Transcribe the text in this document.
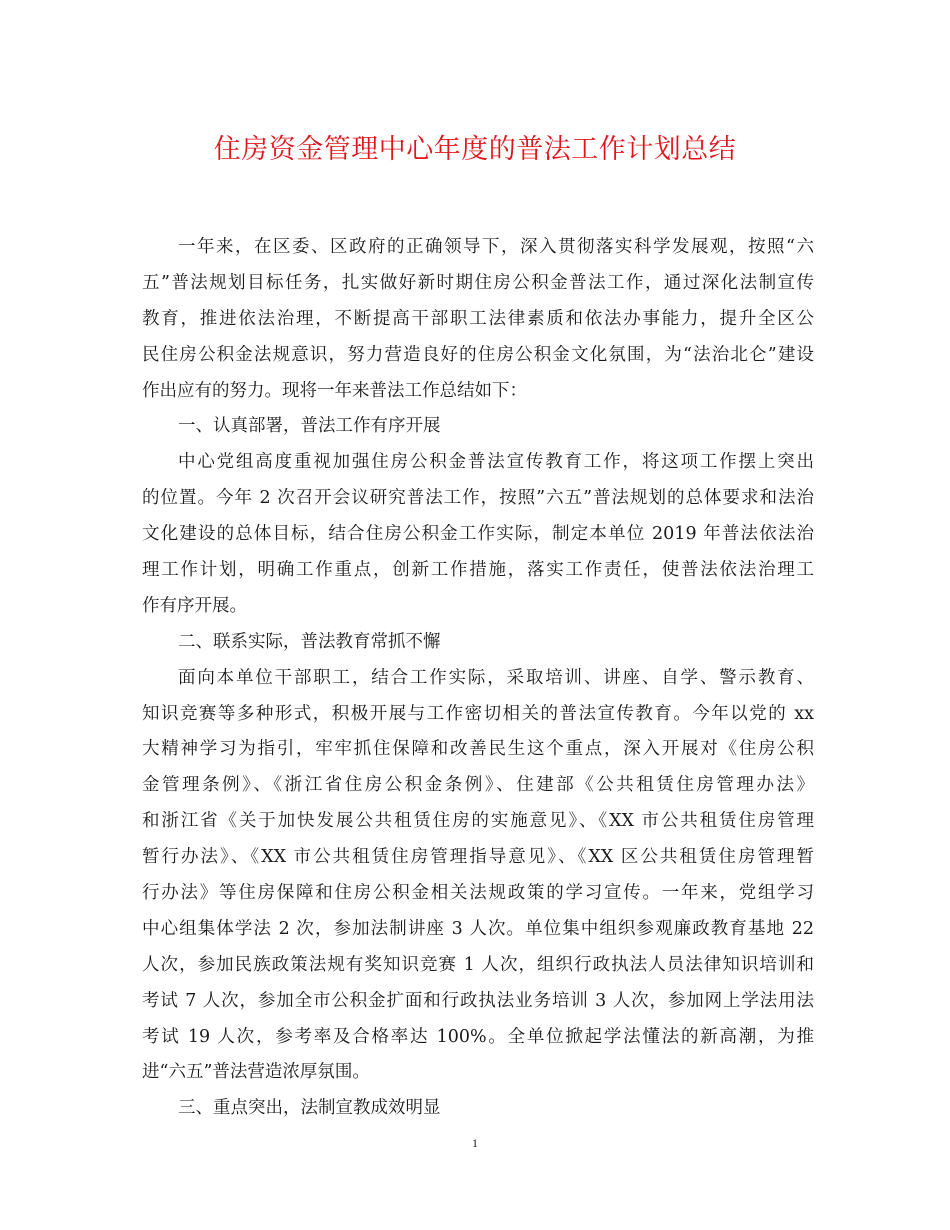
住房资金管理中心年度的普法工作计划总结
一年来，在区委、区政府的正确领导下，深入贯彻落实科学发展观，按照“六
五”普法规划目标任务，扎实做好新时期住房公积金普法工作，通过深化法制宣传
教育，推进依法治理，不断提高干部职工法律素质和依法办事能力，提升全区公
民住房公积金法规意识，努力营造良好的住房公积金文化氛围，为“法治北仑”建设
作出应有的努力。现将一年来普法工作总结如下：
一、认真部署，普法工作有序开展
中心党组高度重视加强住房公积金普法宣传教育工作，将这项工作摆上突出
的位置。今年 2 次召开会议研究普法工作，按照”六五”普法规划的总体要求和法治
文化建设的总体目标，结合住房公积金工作实际，制定本单位 2019 年普法依法治
理工作计划，明确工作重点，创新工作措施，落实工作责任，使普法依法治理工
作有序开展。
二、联系实际，普法教育常抓不懈
面向本单位干部职工，结合工作实际，采取培训、讲座、自学、警示教育、
知识竞赛等多种形式，积极开展与工作密切相关的普法宣传教育。今年以党的 xx
大精神学习为指引，牢牢抓住保障和改善民生这个重点，深入开展对《住房公积
金管理条例》、《浙江省住房公积金条例》、住建部《公共租赁住房管理办法》
和浙江省《关于加快发展公共租赁住房的实施意见》、《XX 市公共租赁住房管理
暂行办法》、《XX 市公共租赁住房管理指导意见》、《XX 区公共租赁住房管理暂
行办法》等住房保障和住房公积金相关法规政策的学习宣传。一年来，党组学习
中心组集体学法 2 次，参加法制讲座 3 人次。单位集中组织参观廉政教育基地 22
人次，参加民族政策法规有奖知识竞赛 1 人次，组织行政执法人员法律知识培训和
考试 7 人次，参加全市公积金扩面和行政执法业务培训 3 人次，参加网上学法用法
考试 19 人次，参考率及合格率达 100%。全单位掀起学法懂法的新高潮，为推
进“六五”普法营造浓厚氛围。
三、重点突出，法制宣教成效明显
1
